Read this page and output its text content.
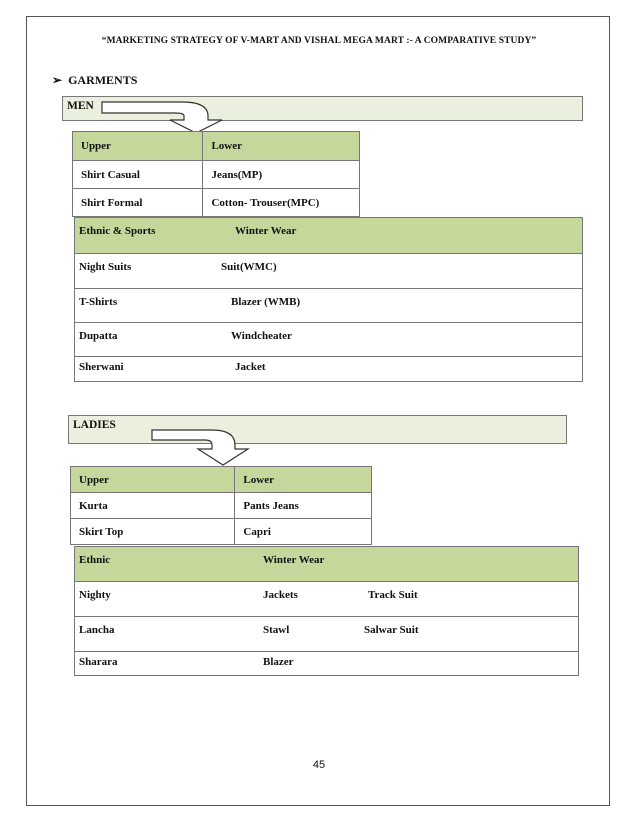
“MARKETING STRATEGY OF V-MART AND VISHAL MEGA MART :- A COMPARATIVE STUDY”
➢ GARMENTS
MEN
Upper	Lower
Shirt Casual	Jeans(MP)
Shirt Formal	Cotton- Trouser(MPC)
Ethnic & Sports	Winter Wear
Night Suits	Suit(WMC)
T-Shirts	Blazer (WMB)
Dupatta	Windcheater
Sherwani	Jacket
LADIES
Upper	Lower
Kurta	Pants Jeans
Skirt Top	Capri
Ethnic	Winter Wear
Nighty	Jackets	Track Suit
Lancha	Stawl	Salwar Suit
Sharara	Blazer
45
